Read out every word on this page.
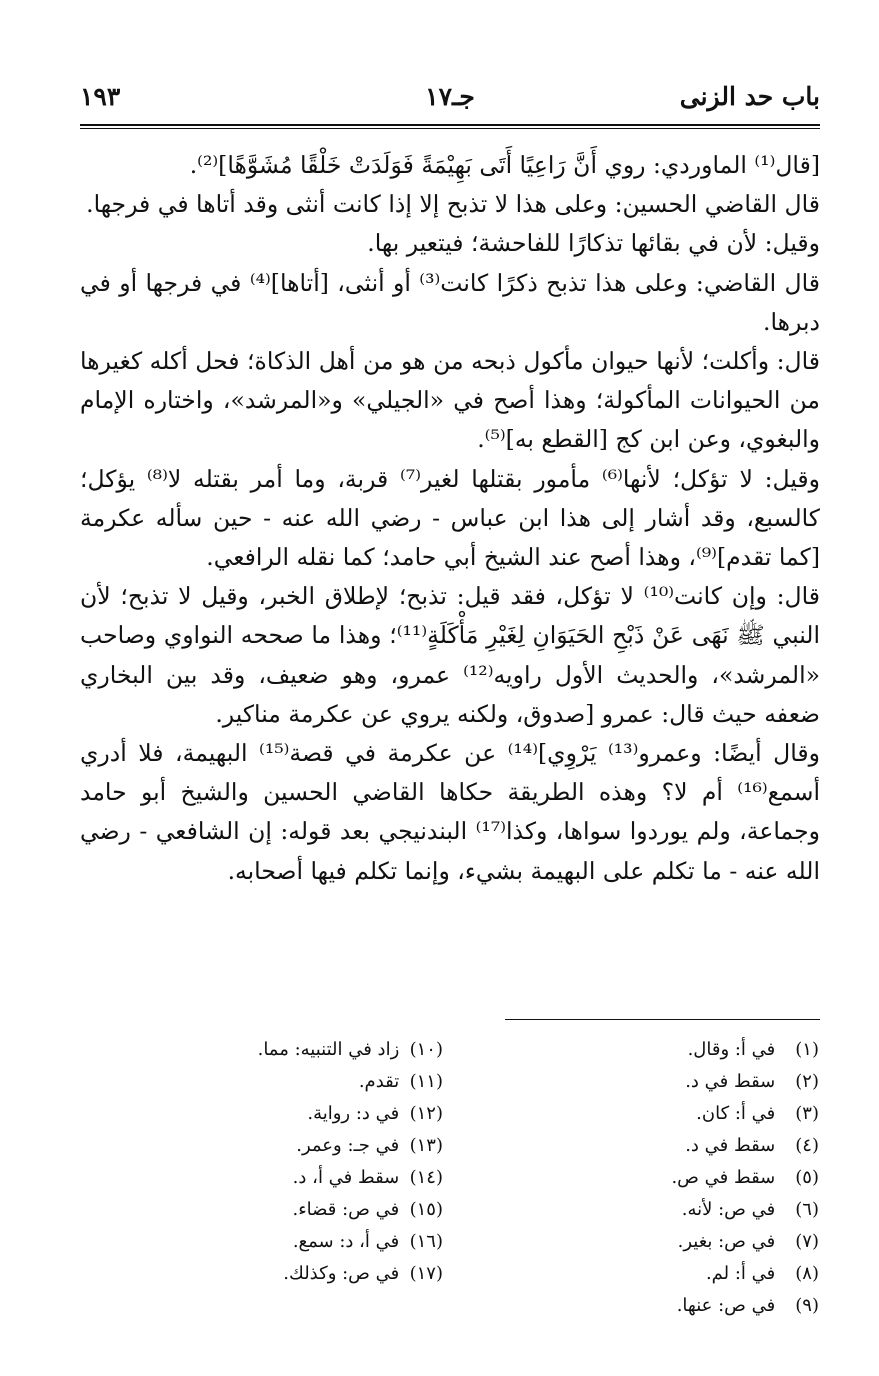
باب حد الزنى
جـ١٧
١٩٣

[قال⁽¹⁾ الماوردي: روي أَنَّ رَاعِيًا أَتَى بَهِيْمَةً فَوَلَدَتْ خَلْقًا مُشَوَّهًا]⁽²⁾.

قال القاضي الحسين: وعلى هذا لا تذبح إلا إذا كانت أنثى وقد أتاها في فرجها.

وقيل: لأن في بقائها تذكارًا للفاحشة؛ فيتعير بها.

قال القاضي: وعلى هذا تذبح ذكرًا كانت⁽³⁾ أو أنثى، [أتاها]⁽⁴⁾ في فرجها أو في دبرها.

قال: وأكلت؛ لأنها حيوان مأكول ذبحه من هو من أهل الذكاة؛ فحل أكله كغيرها من الحيوانات المأكولة؛ وهذا أصح في «الجيلي» و«المرشد»، واختاره الإمام والبغوي، وعن ابن كج [القطع به]⁽⁵⁾.

وقيل: لا تؤكل؛ لأنها⁽⁶⁾ مأمور بقتلها لغير⁽⁷⁾ قربة، وما أمر بقتله لا⁽⁸⁾ يؤكل؛ كالسبع، وقد أشار إلى هذا ابن عباس - رضي الله عنه - حين سأله عكرمة [كما تقدم]⁽⁹⁾، وهذا أصح عند الشيخ أبي حامد؛ كما نقله الرافعي.

قال: وإن كانت⁽¹⁰⁾ لا تؤكل، فقد قيل: تذبح؛ لإطلاق الخبر، وقيل لا تذبح؛ لأن النبي ﷺ نَهَى عَنْ ذَبْحِ الحَيَوَانِ لِغَيْرِ مَأْكَلَةٍ⁽¹¹⁾؛ وهذا ما صححه النواوي وصاحب «المرشد»، والحديث الأول راويه⁽¹²⁾ عمرو، وهو ضعيف، وقد بين البخاري ضعفه حيث قال: عمرو [صدوق، ولكنه يروي عن عكرمة مناكير.

وقال أيضًا: وعمرو⁽¹³⁾ يَرْوِي]⁽¹⁴⁾ عن عكرمة في قصة⁽¹⁵⁾ البهيمة، فلا أدري أسمع⁽¹⁶⁾ أم لا؟ وهذه الطريقة حكاها القاضي الحسين والشيخ أبو حامد وجماعة، ولم يوردوا سواها، وكذا⁽¹⁷⁾ البندنيجي بعد قوله: إن الشافعي - رضي الله عنه - ما تكلم على البهيمة بشيء، وإنما تكلم فيها أصحابه.

(١) في أ: وقال.
(٢) سقط في د.
(٣) في أ: كان.
(٤) سقط في د.
(٥) سقط في ص.
(٦) في ص: لأنه.
(٧) في ص: بغير.
(٨) في أ: لم.
(٩) في ص: عنها.
(١٠) زاد في التنبيه: مما.
(١١) تقدم.
(١٢) في د: رواية.
(١٣) في جـ: وعمر.
(١٤) سقط في أ، د.
(١٥) في ص: قضاء.
(١٦) في أ، د: سمع.
(١٧) في ص: وكذلك.
